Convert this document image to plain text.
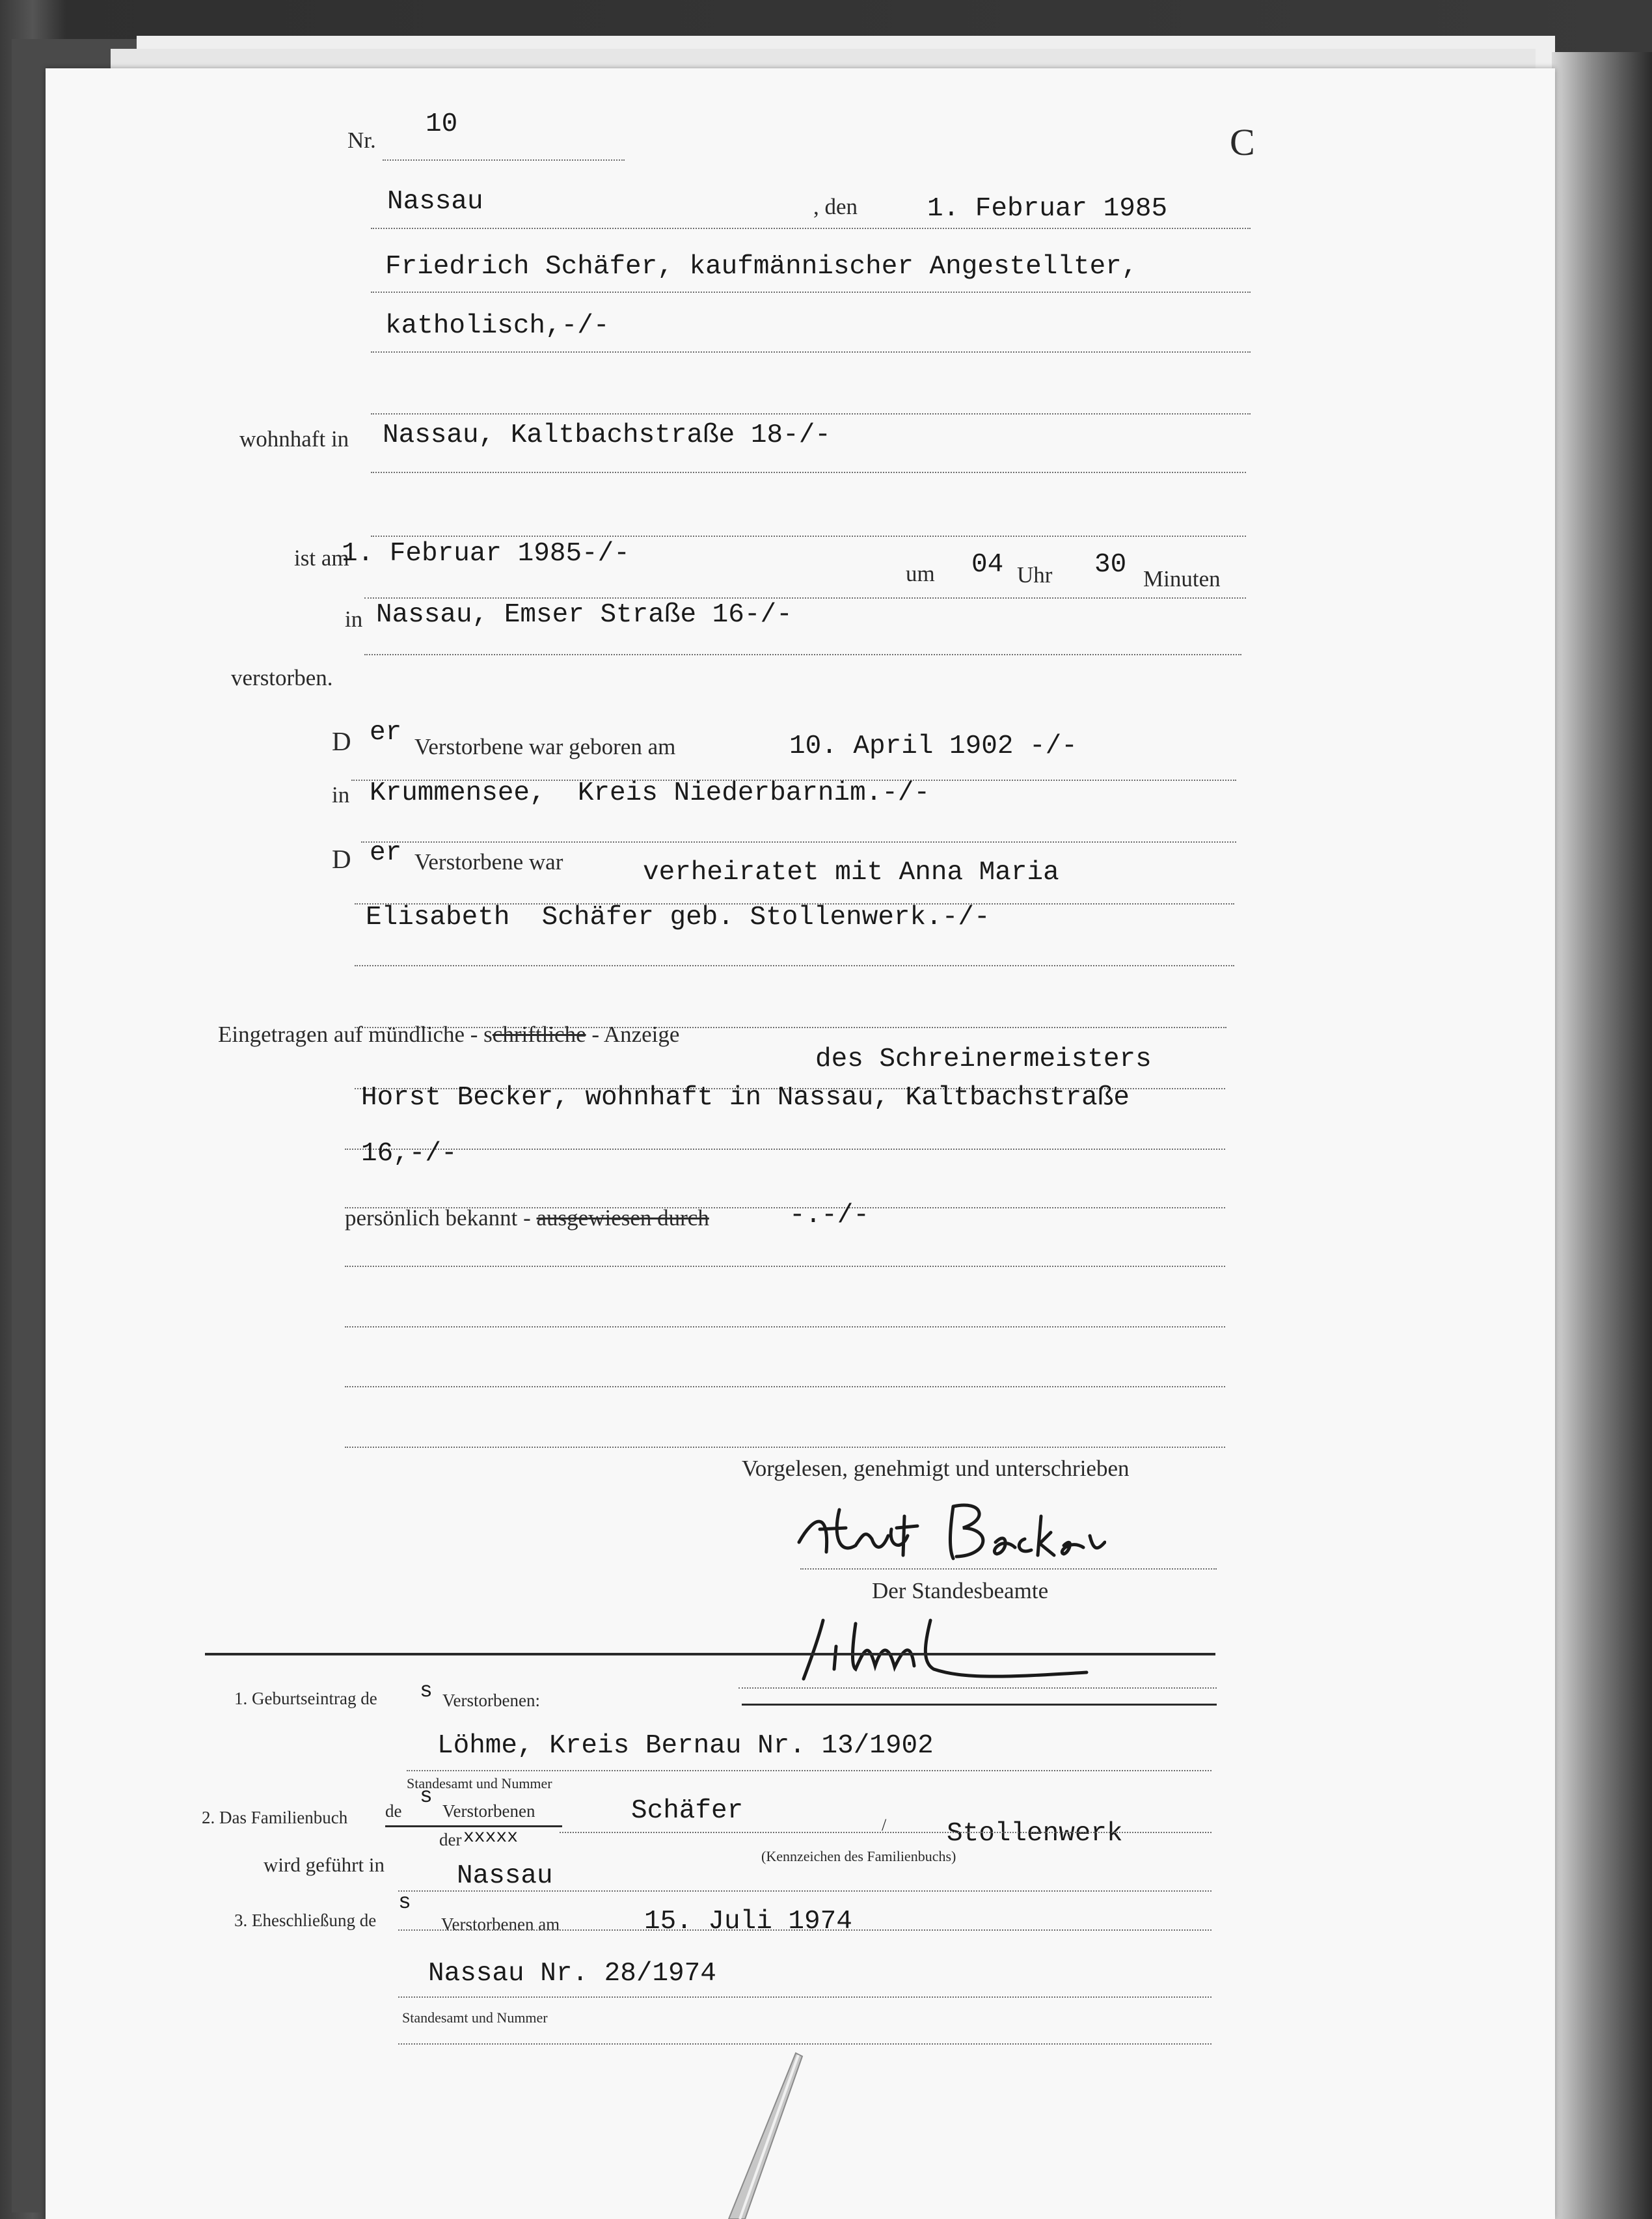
Nr.
10	C
Nassau	, den	1. Februar 1985
Friedrich Schäfer, kaufmännischer Angestellter,
katholisch,-/-
wohnhaft in Nassau, Kaltbachstraße 18-/-
ist am
1. Februar 1985-/-
um 04 Uhr 30 Minuten
in Nassau, Emser Straße 16-/-
verstorben.
D er Verstorbene war geboren am	10. April 1902 -/-
in Krummensee,  Kreis Niederbarnim.-/-
D er Verstorbene war	verheiratet mit Anna Maria
Elisabeth  Schäfer geb. Stollenwerk.-/-
Eingetragen auf mündliche - schriftliche - Anzeige
des Schreinermeisters
Horst Becker, wohnhaft in Nassau, Kaltbachstraße
16,-/-
persönlich bekannt - ausgewiesen durch	-.-/-
Vorgelesen, genehmigt und unterschrieben
Der Standesbeamte
1. Geburtseintrag de s Verstorbenen:
Löhme, Kreis Bernau Nr. 13/1902
Standesamt und Nummer
2. Das Familienbuch de
s
Verstorbenen
der xxxxx
Schäfer	/ Stollenwerk
(Kennzeichen des Familienbuchs)
wird geführt in	Nassau
3. Eheschließung de
s
Verstorbenen am	15. Juli 1974
Nassau Nr. 28/1974
Standesamt und Nummer
